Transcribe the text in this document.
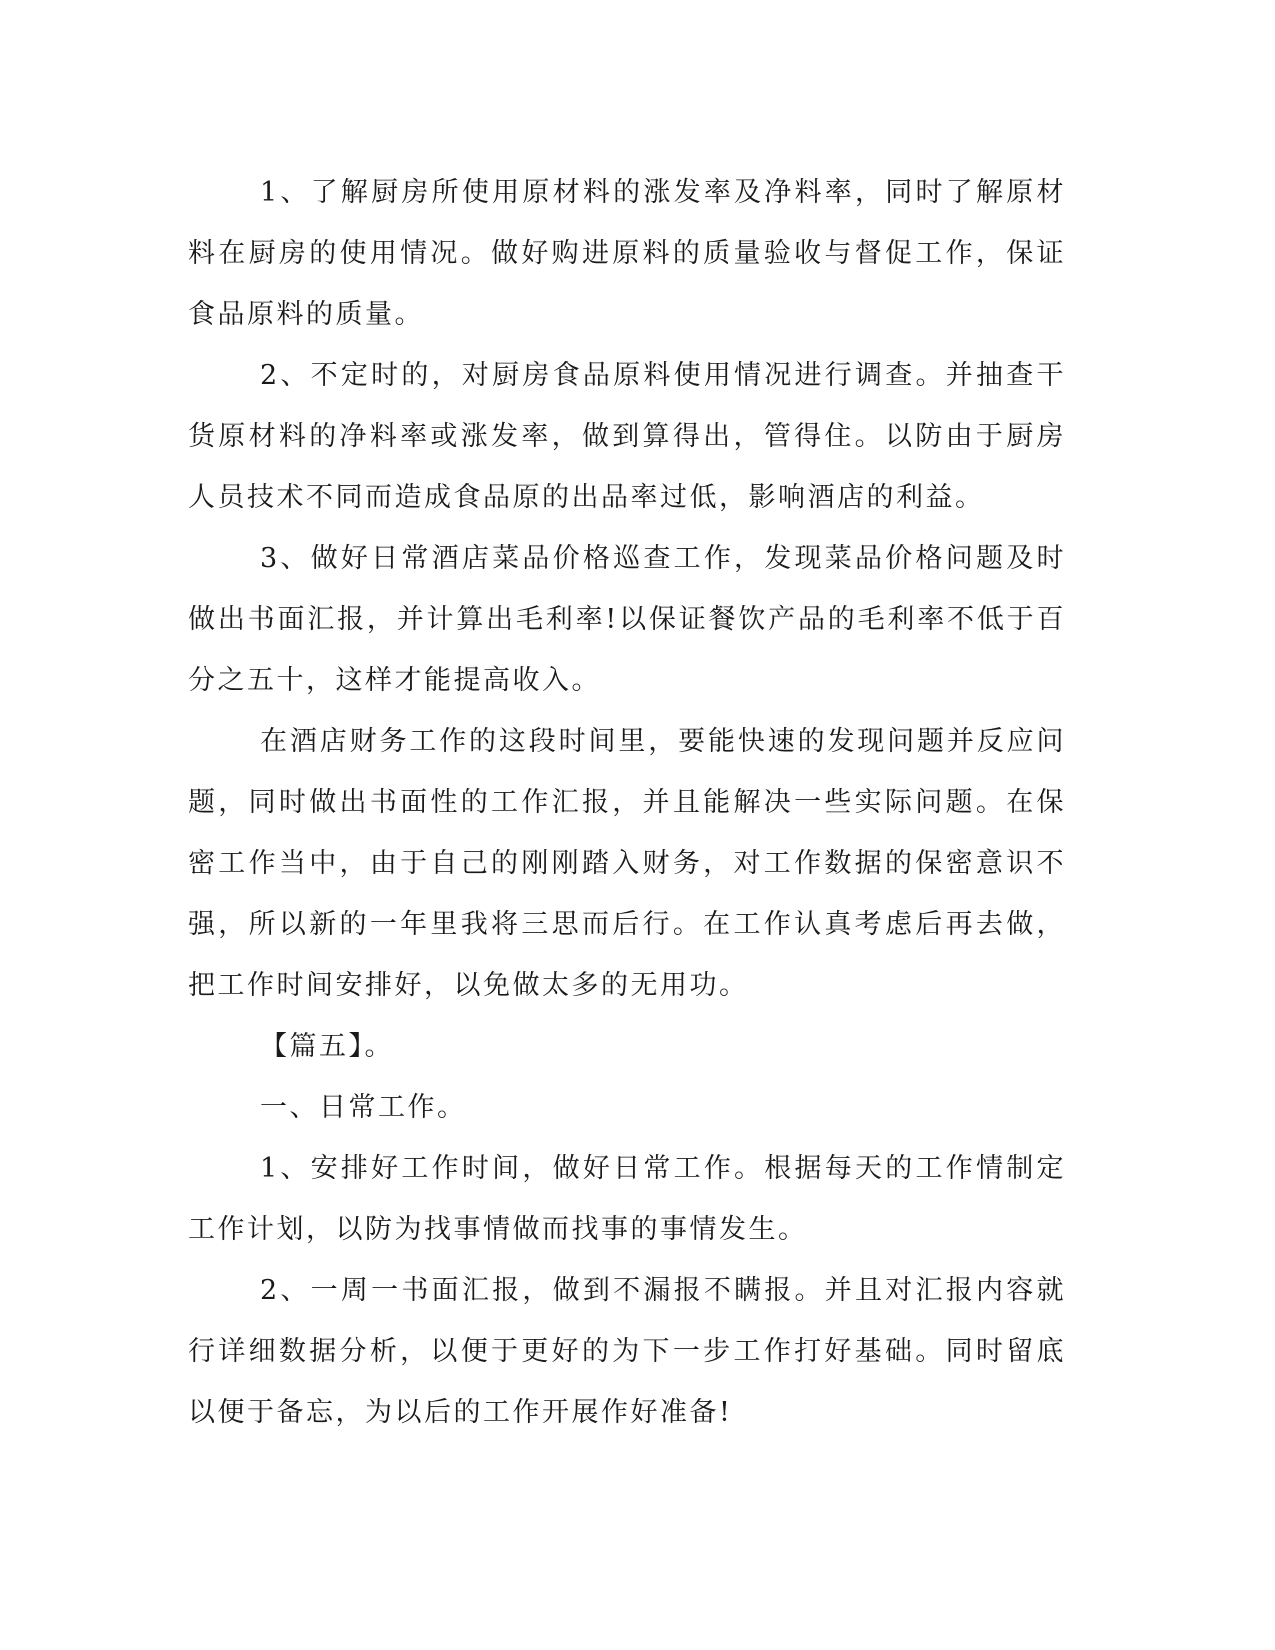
1、了解厨房所使用原材料的涨发率及净料率，同时了解原材料在厨房的使用情况。做好购进原料的质量验收与督促工作，保证食品原料的质量。

2、不定时的，对厨房食品原料使用情况进行调查。并抽查干货原材料的净料率或涨发率，做到算得出，管得住。以防由于厨房人员技术不同而造成食品原的出品率过低，影响酒店的利益。

3、做好日常酒店菜品价格巡查工作，发现菜品价格问题及时做出书面汇报，并计算出毛利率!以保证餐饮产品的毛利率不低于百分之五十，这样才能提高收入。

在酒店财务工作的这段时间里，要能快速的发现问题并反应问题，同时做出书面性的工作汇报，并且能解决一些实际问题。在保密工作当中，由于自己的刚刚踏入财务，对工作数据的保密意识不强，所以新的一年里我将三思而后行。在工作认真考虑后再去做，把工作时间安排好，以免做太多的无用功。

【篇五】。

一、日常工作。

1、安排好工作时间，做好日常工作。根据每天的工作情制定工作计划，以防为找事情做而找事的事情发生。

2、一周一书面汇报，做到不漏报不瞒报。并且对汇报内容就行详细数据分析，以便于更好的为下一步工作打好基础。同时留底以便于备忘，为以后的工作开展作好准备!
